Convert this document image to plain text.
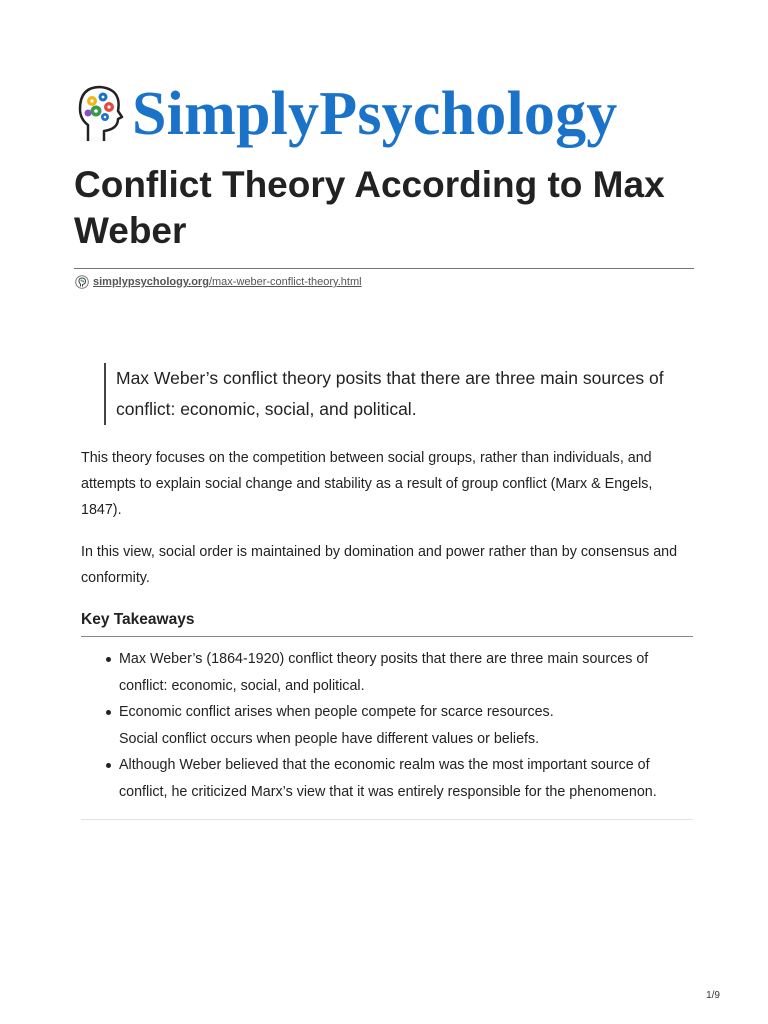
SimplyPsychology
Conflict Theory According to Max Weber
simplypsychology.org /max-weber-conflict-theory.html
Max Weber’s conflict theory posits that there are three main sources of conflict: economic, social, and political.

This theory focuses on the competition between social groups, rather than individuals, and attempts to explain social change and stability as a result of group conflict (Marx & Engels, 1847).

In this view, social order is maintained by domination and power rather than by consensus and conformity.

Key Takeaways
Max Weber’s (1864-1920) conflict theory posits that there are three main sources of conflict: economic, social, and political.
Economic conflict arises when people compete for scarce resources.
Social conflict occurs when people have different values or beliefs.
Although Weber believed that the economic realm was the most important source of conflict, he criticized Marx’s view that it was entirely responsible for the phenomenon.
1/9
